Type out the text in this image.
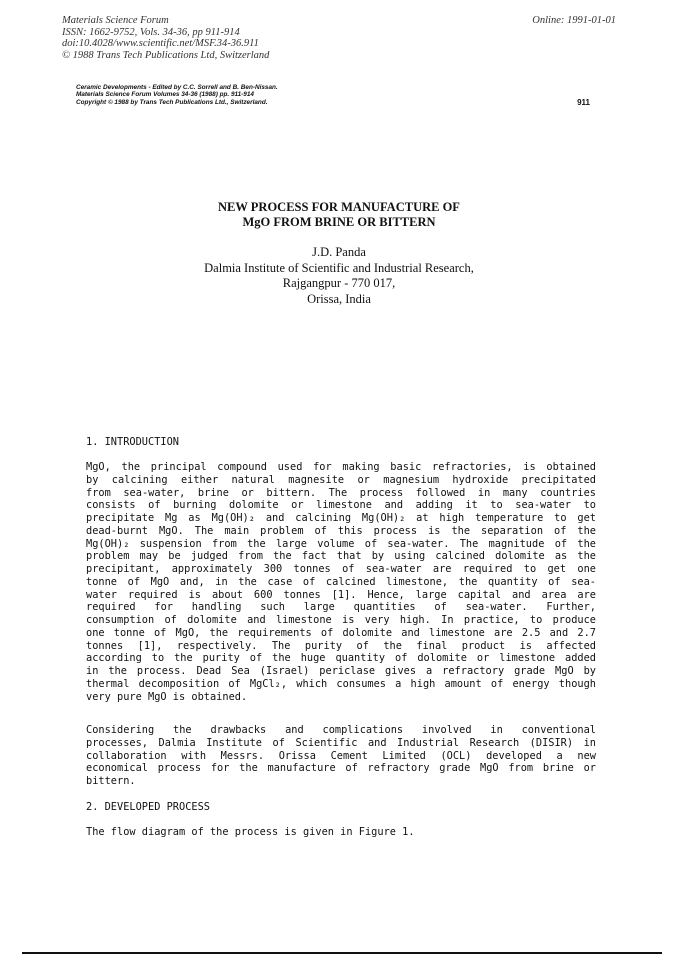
Materials Science Forum
ISSN: 1662-9752, Vols. 34-36, pp 911-914
doi:10.4028/www.scientific.net/MSF.34-36.911
© 1988 Trans Tech Publications Ltd, Switzerland
Online: 1991-01-01
Ceramic Developments - Edited by C.C. Sorrell and B. Ben-Nissan.
Materials Science Forum Volumes 34-36 (1988) pp. 911-914
Copyright © 1988 by Trans Tech Publications Ltd., Switzerland.	911
NEW PROCESS FOR MANUFACTURE OF
MgO FROM BRINE OR BITTERN
J.D. Panda
Dalmia Institute of Scientific and Industrial Research,
Rajgangpur - 770 017,
Orissa, India
1. INTRODUCTION
MgO, the principal compound used for making basic refractories, is obtained
by calcining either natural magnesite or magnesium hydroxide precipitated
from sea-water, brine or bittern. The process followed in many countries
consists of burning dolomite or limestone and adding it to sea-water to
precipitate Mg as Mg(OH)₂ and calcining Mg(OH)₂ at high temperature to get
dead-burnt MgO. The main problem of this process is the separation of the
Mg(OH)₂ suspension from the large volume of sea-water. The magnitude of the
problem may be judged from the fact that by using calcined dolomite as the
precipitant, approximately 300 tonnes of sea-water are required to get one
tonne of MgO and, in the case of calcined limestone, the quantity of sea-
water required is about 600 tonnes [1]. Hence, large capital and area are
required for handling such large quantities of sea-water. Further,
consumption of dolomite and limestone is very high. In practice, to produce
one tonne of MgO, the requirements of dolomite and limestone are 2.5 and 2.7
tonnes [1], respectively. The purity of the final product is affected
according to the purity of the huge quantity of dolomite or limestone added
in the process. Dead Sea (Israel) periclase gives a refractory grade MgO by
thermal decomposition of MgCl₂, which consumes a high amount of energy though
very pure MgO is obtained.
Considering the drawbacks and complications involved in conventional
processes, Dalmia Institute of Scientific and Industrial Research (DISIR) in
collaboration with Messrs. Orissa Cement Limited (OCL) developed a new
economical process for the manufacture of refractory grade MgO from brine or
bittern.
2. DEVELOPED PROCESS
The flow diagram of the process is given in Figure 1.
